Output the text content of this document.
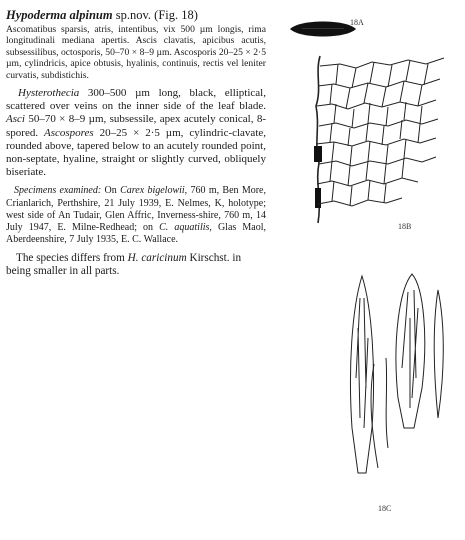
Hypoderma alpinum sp.nov. (Fig. 18)

Ascomatibus sparsis, atris, intentibus, vix 500 µm longis, rima longitudinali mediana apertis. Ascis clavatis, apicibus acutis, subsessilibus, octosporis, 50–70 × 8–9 µm. Ascosporis 20–25 × 2·5 µm, cylindricis, apice obtusis, hyalinis, continuis, rectis vel leniter curvatis, subdistichis.

Hysterothecia 300–500 µm long, black, elliptical, scattered over veins on the inner side of the leaf blade. Asci 50–70 × 8–9 µm, subsessile, apex acutely conical, 8-spored. Ascospores 20–25 × 2·5 µm, cylindric-clavate, rounded above, tapered below to an acutely rounded point, non-septate, hyaline, straight or slightly curved, obliquely biseriate.

Specimens examined: On Carex bigelowii, 760 m, Ben More, Crianlarich, Perthshire, 21 July 1939, E. Nelmes, K, holotype; west side of An Tudair, Glen Affric, Inverness-shire, 760 m, 14 July 1947, E. Milne-Redhead; on C. aquatilis, Glas Maol, Aberdeenshire, 7 July 1935, E. C. Wallace.

The species differs from H. caricinum Kirschst. in being smaller in all parts.

18A
18B
18C
